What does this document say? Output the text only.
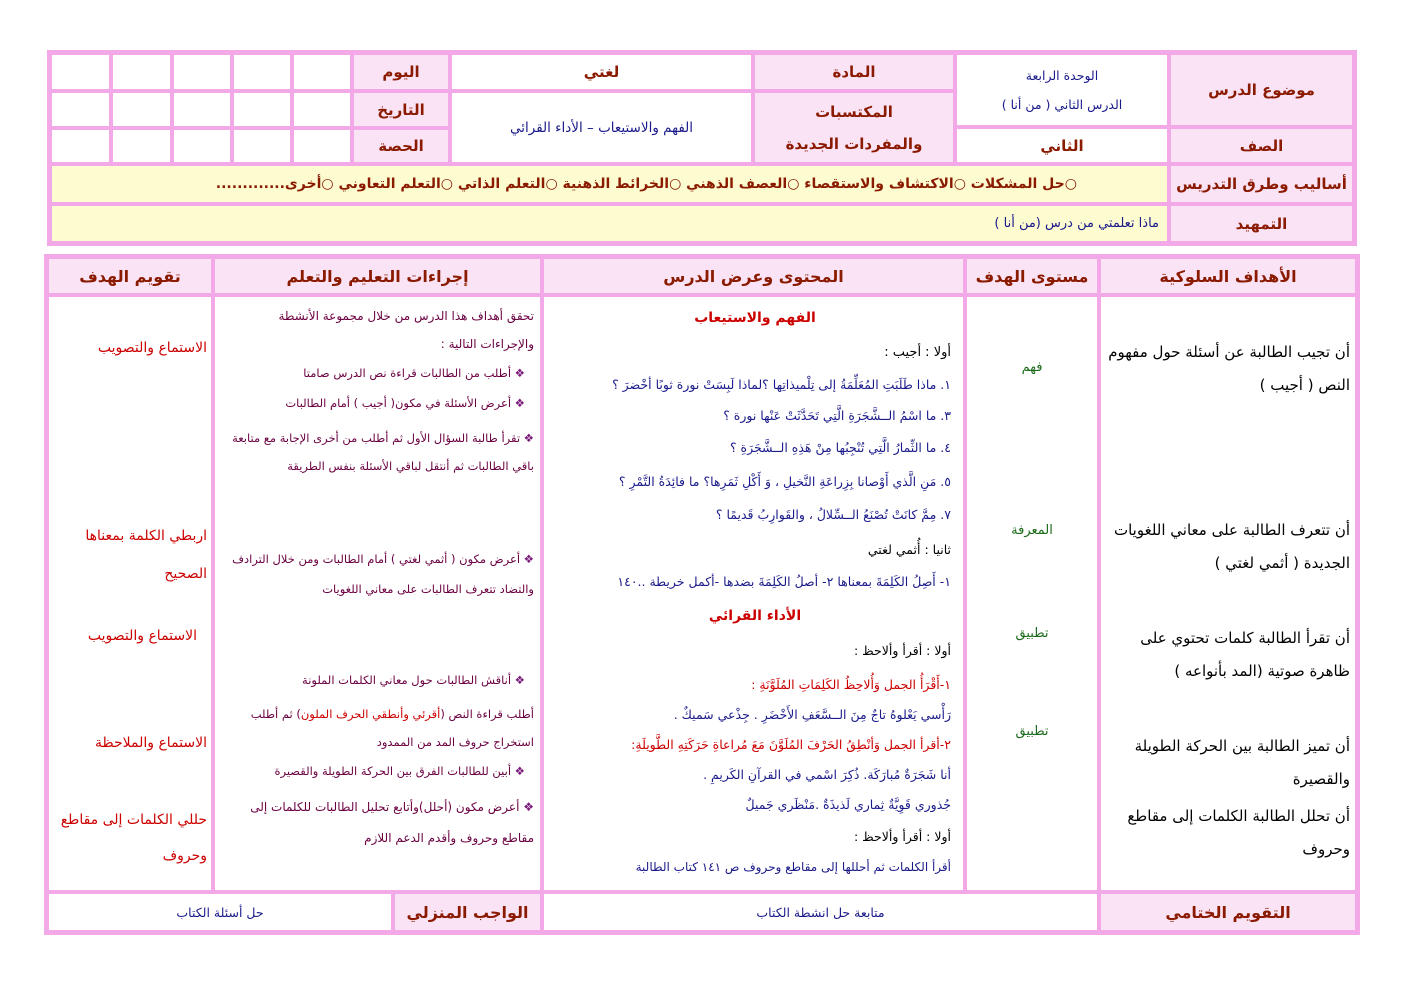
موضوع الدرس
الوحدة الرابعة
الدرس الثاني ( من أنا )
المادة
لغتي
اليوم
المكتسبات والمفردات الجديدة
الفهم والاستيعاب – الأداء القرائي
التاريخ
الصف
الثاني
الحصة
أساليب وطرق التدريس
○حل المشكلات ○الاكتشاف والاستقصاء ○العصف الذهني ○الخرائط الذهنية ○التعلم الذاتي ○التعلم التعاوني ○أخرى.............
التمهيد
ماذا تعلمتي من درس (من أنا )
الأهداف السلوكية
مستوى الهدف
المحتوى وعرض الدرس
إجراءات التعليم والتعلم
تقويم الهدف
أن تجيب الطالبة عن أسئلة حول مفهوم النص ( أجيب )
أن تتعرف الطالبة على معاني اللغويات الجديدة ( أثمي لغتي )
أن تقرأ الطالبة كلمات تحتوي على ظاهرة صوتية (المد بأنواعه )
أن تميز الطالبة بين الحركة الطويلة والقصيرة
أن تحلل الطالبة الكلمات إلى مقاطع وحروف
فهم
المعرفة
تطبيق
تطبيق
الفهم والاستيعاب
أولا : أجيب :
١. ماذا طَلَبَتِ المُعَلِّمَةُ إلى تِلْميذاتِها ؟لماذا لَبِسَتْ نورة ثوبًا أخْضرَ ؟
٣. ما اسْمُ الــشَّجَرَةِ الَّتِي تَحَدَّثَتْ عَنْها نورة ؟
٤. ما الثِّمارُ الَّتِي تُنْجِبُها مِنْ هَذِهِ الــشَّجَرَةِ ؟
٥. مَنِ الَّذي أَوْصانا بِزِراعَةِ النَّخيلِ ، وَ أَكْلِ ثَمَرِها؟ ما فائِدَةُ التَّمْرِ ؟
٧. مِمَّ كانَتْ تُصْنَعُ الــسِّلالُ ، والقَوارِبُ قَديمًا ؟
ثانيا : أُثمي لغتي
١- أَصِلُ الكَلِمَةَ بمعناها ٢- أصلُ الكَلِمَةَ بضدها -أكمل خريطة ..١٤٠
الأداء القرائي
أولا : أقرأ وألاحظ :
١-أَقْرَأُ الجمل وَأُلاحِظُ الكَلِمَاتِ المُلَوَّنَةِ :
رَأْسي يَعْلوهُ تاجٌ مِنَ الــسَّعَفِ الأَخْضَرِ . جِذْعي سَميكٌ .
٢-أقرأ الجمل وَأنْطِقُ الحَرْفَ المُلَوَّنَ مَعَ مُراعاةِ حَرَكَتِهِ الطَّويلَةِ:
أنا شَجَرَةٌ مُبارَكَة. ذُكِرَ اسْمي في القرآنِ الكَريمِ .
جُذوري قَوِيَّةٌ ثِماري لَذيذَةٌ .مَنْظَري جَميلٌ
أولا : أقرأ وألاحظ :
أقرأ الكلمات ثم أحللها إلى مقاطع وحروف ص ١٤١ كتاب الطالبة
تحقق أهداف هذا الدرس من خلال مجموعة الأنشطة والإجراءات التالية :
❖ أطلب من الطالبات قراءة نص الدرس صامتا
❖ أعرض الأسئلة في مكون( أجيب ) أمام الطالبات
❖ تقرأ طالبة السؤال الأول ثم أطلب من أخرى الإجابة مع متابعة باقي الطالبات ثم أنتقل لباقي الأسئلة بنفس الطريقة
❖ أعرض مكون ( أثمي لغتي ) أمام الطالبات ومن خلال الترادف والتضاد تتعرف الطالبات على معاني اللغويات
❖ أناقش الطالبات حول معاني الكلمات الملونة
أطلب قراءة النص (أقرئي وأنطقي الحرف الملون) ثم أطلب استخراج حروف المد من الممدود
❖ أبين للطالبات الفرق بين الحركة الطويلة والقصيرة
❖ أعرض مكون (أحلل)وأتابع تحليل الطالبات للكلمات إلى مقاطع وحروف وأقدم الدعم اللازم
الاستماع والتصويب
اربطي الكلمة بمعناها الصحيح
الاستماع والتصويب
الاستماع والملاحظة
حللي الكلمات إلى مقاطع وحروف
التقويم الختامي
متابعة حل انشطة الكتاب
الواجب المنزلي
حل أسئلة الكتاب
